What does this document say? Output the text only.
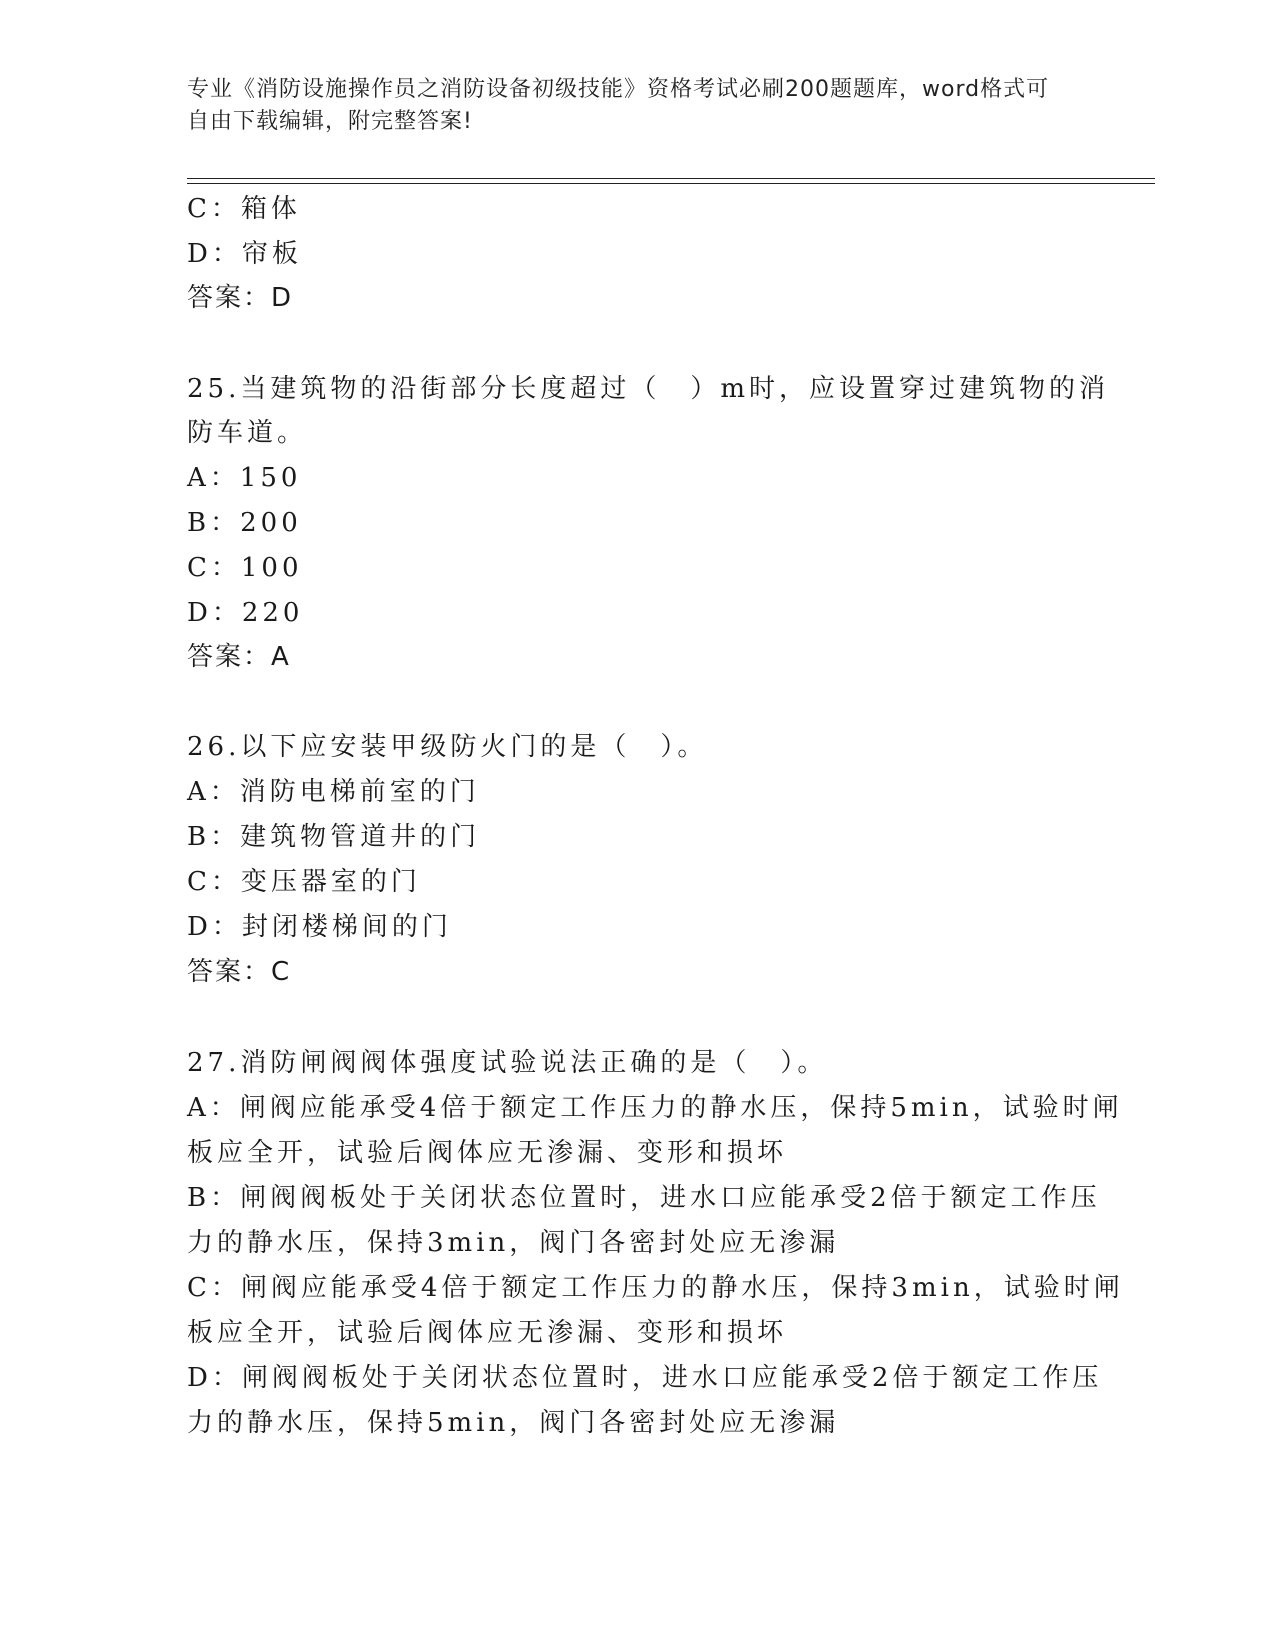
专业《消防设施操作员之消防设备初级技能》资格考试必刷200题题库，word格式可自由下载编辑，附完整答案!
C：箱体
D：帘板
答案：D
25.当建筑物的沿街部分长度超过（　）m时，应设置穿过建筑物的消
防车道。
A：150
B：200
C：100
D：220
答案：A
26.以下应安装甲级防火门的是（　）。
A：消防电梯前室的门
B：建筑物管道井的门
C：变压器室的门
D：封闭楼梯间的门
答案：C
27.消防闸阀阀体强度试验说法正确的是（　）。
A：闸阀应能承受4倍于额定工作压力的静水压，保持5min，试验时闸
板应全开，试验后阀体应无渗漏、变形和损坏
B：闸阀阀板处于关闭状态位置时，进水口应能承受2倍于额定工作压
力的静水压，保持3min，阀门各密封处应无渗漏
C：闸阀应能承受4倍于额定工作压力的静水压，保持3min，试验时闸
板应全开，试验后阀体应无渗漏、变形和损坏
D：闸阀阀板处于关闭状态位置时，进水口应能承受2倍于额定工作压
力的静水压，保持5min，阀门各密封处应无渗漏
